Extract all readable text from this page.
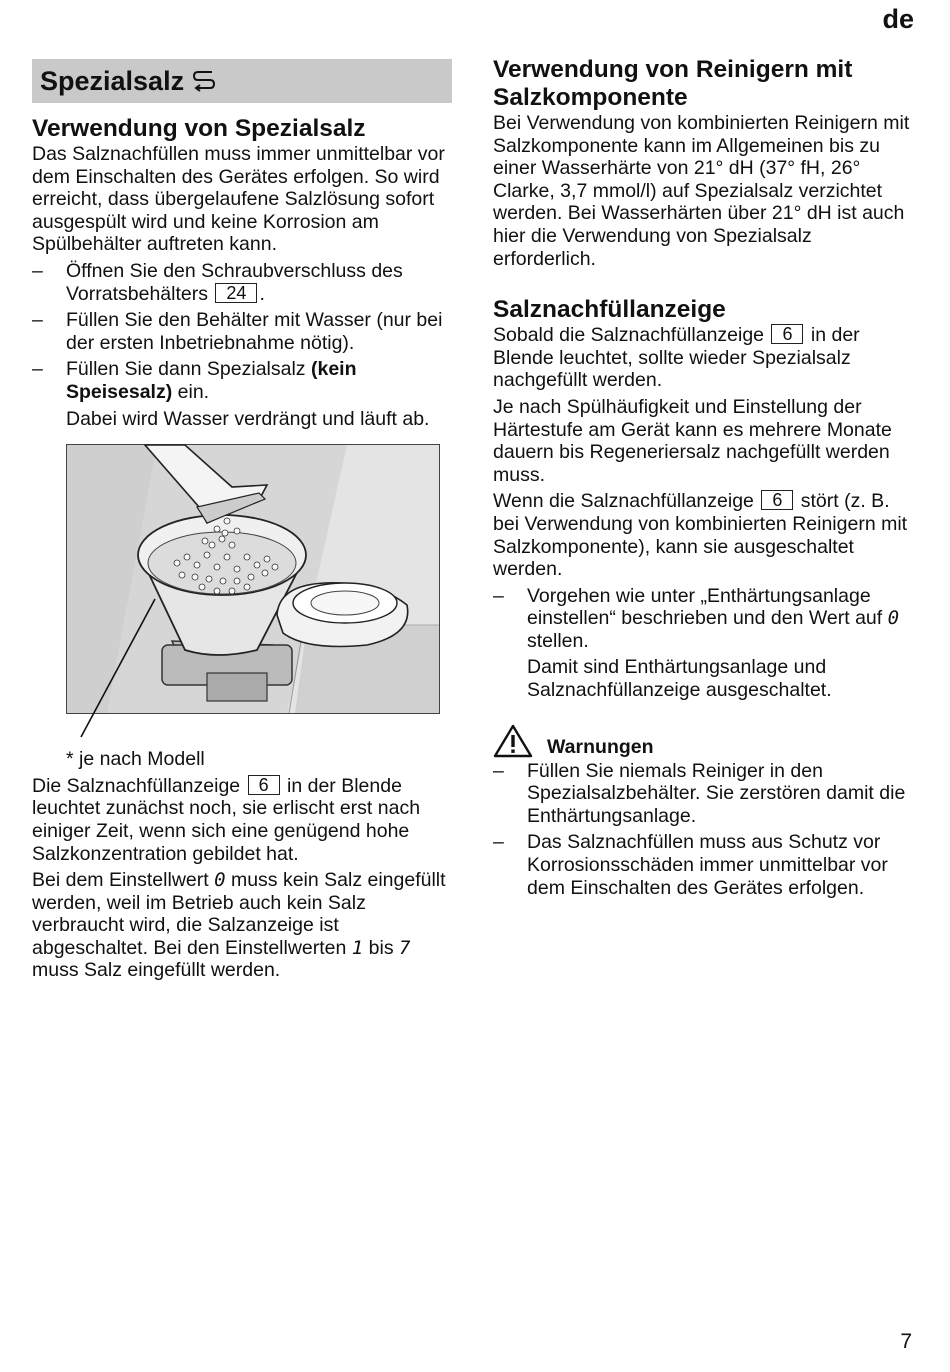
de
Spezialsalz
Verwendung von Spezialsalz

Das Salznachfüllen muss immer unmittelbar vor dem Einschalten des Gerätes erfolgen. So wird erreicht, dass übergelaufene Salzlösung sofort ausgespült wird und keine Korrosion am Spülbehälter auftreten kann.

–	Öffnen Sie den Schraubverschluss des Vorratsbehälters 24 .
–	Füllen Sie den Behälter mit Wasser (nur bei der ersten Inbetriebnahme nötig).
–	Füllen Sie dann Spezialsalz (kein Speisesalz) ein.

Dabei wird Wasser verdrängt und läuft ab.

* je nach Modell

Die Salznachfüllanzeige 6 in der Blende leuchtet zunächst noch, sie erlischt erst nach einiger Zeit, wenn sich eine genügend hohe Salzkonzentration gebildet hat.

Bei dem Einstellwert 0 muss kein Salz eingefüllt werden, weil im Betrieb auch kein Salz verbraucht wird, die Salzanzeige ist abgeschaltet. Bei den Einstellwerten 1 bis 7 muss Salz eingefüllt werden.

Verwendung von Reinigern mit Salzkomponente

Bei Verwendung von kombinierten Reinigern mit Salzkomponente kann im Allgemeinen bis zu einer Wasserhärte von 21° dH (37° fH, 26° Clarke, 3,7 mmol/l) auf Spezialsalz verzichtet werden. Bei Wasserhärten über 21° dH ist auch hier die Verwendung von Spezialsalz erforderlich.

Salznachfüllanzeige

Sobald die Salznachfüllanzeige 6 in der Blende leuchtet, sollte wieder Spezialsalz nachgefüllt werden.

Je nach Spülhäufigkeit und Einstellung der Härtestufe am Gerät kann es mehrere Monate dauern bis Regeneriersalz nachgefüllt werden muss.

Wenn die Salznachfüllanzeige 6 stört (z. B. bei Verwendung von kombinierten Reinigern mit Salzkomponente), kann sie ausgeschaltet werden.

–	Vorgehen wie unter „Enthärtungsanlage einstellen“ beschrieben und den Wert auf 0 stellen.

Damit sind Enthärtungsanlage und Salznachfüllanzeige ausgeschaltet.

Warnungen
–	Füllen Sie niemals Reiniger in den Spezialsalzbehälter. Sie zerstören damit die Enthärtungsanlage.
–	Das Salznachfüllen muss aus Schutz vor Korrosionsschäden immer unmittelbar vor dem Einschalten des Gerätes erfolgen.
7
